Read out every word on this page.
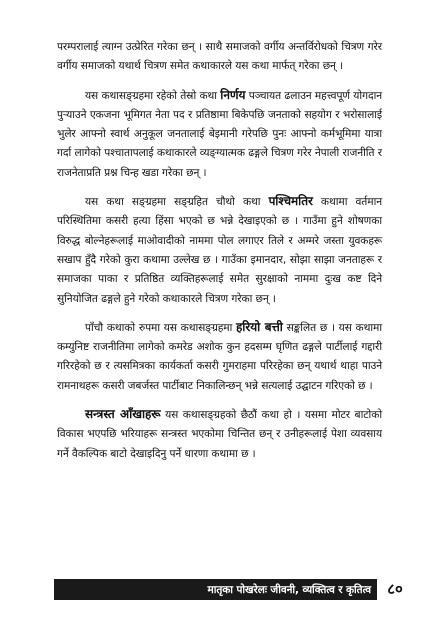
परम्परालाई त्याग्न उत्प्रेरित गरेका छन् । साथै समाजको वर्गीय अन्तर्विरोधको चित्रण गरेर वर्गीय समाजको यथार्थ चित्रण समेत कथाकारले यस कथा मार्फत् गरेका छन् ।

यस कथासङ्ग्रहमा रहेको तेस्रो कथा निर्णय पञ्चायत ढलाउन महत्त्वपूर्ण योगदान पुऱ्याउने एकजना भूमिगत नेता पद र प्रतिष्ठामा बिकेपछि जनताको सहयोग र भरोसालाई भुलेर आफ्नो स्वार्थ अनुकूल जनतालाई बेइमानी गरेपछि पुनः आफ्नो कर्मभूमिमा यात्रा गर्दा लागेको पश्चातापलाई कथाकारले व्यङ्ग्यात्मक ढङ्गले चित्रण गरेर नेपाली राजनीति र राजनेताप्रति प्रश्न चिन्ह खडा गरेका छन् ।

यस कथा सङ्ग्रहमा सङ्ग्रहित चौथो कथा पश्चिमतिर कथामा वर्तमान परिस्थितिमा कसरी हत्या हिंसा भएको छ भन्ने देखाइएको छ । गाउँमा हुने शोषणका विरुद्ध बोल्नेहरूलाई माओवादीको नाममा पोल लगाएर तिले र अम्मरे जस्ता युवकहरू सखाप हुँदै गरेको कुरा कथामा उल्लेख छ । गाउँका इमानदार, सोझा साझा जनताहरू र समाजका पाका र प्रतिष्ठित व्यक्तिहरूलाई समेत सुरक्षाको नाममा दुःख कष्ट दिने सुनियोजित ढङ्गले हुने गरेको कथाकारले चित्रण गरेका छन् ।

पाँचौ कथाको रुपमा यस कथासङ्ग्रहमा हरियो बत्ती सङ्कलित छ । यस कथामा कम्युनिष्ट राजनीतिमा लागेको कमरेड अशोक कुन हदसम्म घृणित ढङ्गले पार्टीलाई गद्दारी गरिरहेको छ र त्यसमित्रका कार्यकर्ता कसरी गुमराहमा परिरहेका छन् यथार्थ थाहा पाउने रामनाथहरू कसरी जबर्जस्त पार्टीबाट निकालिन्छन् भन्ने सत्यलाई उद्घाटन गरिएको छ ।

सन्त्रस्त आँखाहरू यस कथासङ्ग्रहको छैठौं कथा हो । यसमा मोटर बाटोको विकास भएपछि भरियाहरू सन्त्रस्त भएकोमा चिन्तित छन् र उनीहरूलाई पेशा व्यवसाय गर्ने वैकल्पिक बाटो देखाइदिनु पर्ने धारणा कथामा छ ।

मातृका पोखरेलः जीवनी, व्यक्तित्व र कृतित्व	८०
